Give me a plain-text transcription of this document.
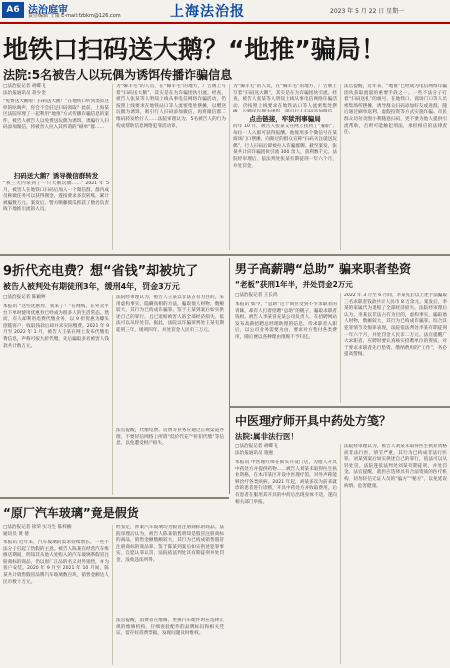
A6 法治庭审
责任编辑 王康 E-mail:fzbkm@126.com	上海法治报	2023 年 5 月 22 日 星期一
地铁口扫码送大鹅？“地推”骗局！
法院:5名被告人以玩偶为诱饵传播诈骗信息
□法治报记者 胡蝶飞
法治报通讯员 蒋少金
“免费送大鹅啦！扫码送大鹅！”在地铁口听到类似这样的吆喝声，你会不会驻足扫码领取？此前，上海某区法院审理了一起利用“地推”方式传播诈骗信息的案件，被告人被告人以免费送玩偶为诱饵，诱骗行人扫码添加微信，将被害人拉入其所谓的“刷单”群……
扫码送大鹅？诱导微信群转发
“我三天内拿到了一只大鹅玩偶……” 2021 年 5 月，被害人在地铁口扫码后加入一个微信群，群内成员称做任务可以获得佣金，遂按要求多次转账，累计被骗数万元。案发后，警方顺藤摸瓜抓获了数名负责线下地推引流的人员。
为“薅羊毛”的人员，在“薅羊毛”的地方，广告牌上写着“扫码送大鹅”，其实是在为诈骗团伙引流。经查，被告人张某等人明知上线从事电信网络诈骗活动，仍按照上线要求在地铁站口等人流密集处摆摊，以赠送玩偶为诱饵，吸引行人扫码添加微信，再将微信群二维码转发给行人……法院审理认为，5名被告人的行为构成帮助信息网络犯罪活动罪。
为“薅羊毛”的人员，在“薅羊毛”的地方，广告牌上写着“扫码送大鹅”，其实是在为诈骗团伙引流。经查，被告人张某等人明知上线从事电信网络诈骗活动，仍按照上线要求在地铁站口等人流密集处摆
点击链接，牢狱刑事骗局
同年 10 月，被告人张某又在网上找到了“兼职”，每拉一人入群可获得报酬。他使用多个微信号在某商场门口摆摊，向路过的群众宣称“扫码关注就送玩偶”，行人扫码后即被拉入诈骗群聊。截至案发，张某共计向诈骗团伙引流 300 余人，获利数千元。法院经审理后，依法判处张某有期徒刑一年六个月，并处罚金。
法官提醒，近年来，“地推”已经成为电信网络诈骗团伙获取流量的重要手段之一。一些不法分子打着“扫码送礼”的旗号，在地铁口、商场门口等人员密集场所摆摊，诱导群众扫码添加好友或进群，随后通过刷单返利、虚假投资等方式实施诈骗。市民群众切勿贪图小利随意扫码，更不要为他人提供引流帮助，否则可能触犯刑法，承担相应的法律责任。
9折代充电费？想“省钱”却被坑了
被告人被判处有期徒刑3年，缓刑4年，罚金3万元
□法治报记者 陈颖婷
本报讯 “这些优惠券，我来了！”在网购、在外卖平台下单时使用优惠券已经成为很多人的生活常态。然而，有人却利用电费代缴业务，以 9 折优惠为噱头招揽客户，收取钱款后却并未实际缴费。2021 年 9 月至 2022 年 1 月，被告人王某在网上发布代缴电费信息，声称可按九折代缴，先后骗取多名被害人钱款共计数万元。
法院经审理认为，被告人王某以非法占有为目的，采用虚构事实、隐瞒真相的方法，骗取他人财物，数额较大，其行为已构成诈骗罪。鉴于王某到案后如实供述自己的罪行，且已退赔被害人的全部经济损失，依法可以从轻处罚。据此，法院以诈骗罪判处王某有期徒刑三年，缓刑四年，并处罚金人民币三万元。
法官提醒，代缴电费、话费等业务应通过正规渠道办理，不要轻信网络上所谓“低价代充”“折扣代缴”等信息，以免遭受财产损失。
男子高薪聘“总助” 骗来职者垫资
“老板”获刑1年半，并处罚金2万元
□法治报记者 王长鸿
本报讯 如今，“总助”这个岗位受到不少求职者的青睐，却有人打着招聘“总助”的幌子，骗取求职者钱财。被告人李某冒充某公司负责人，在招聘网站发布高薪招聘总经理助理的信息，待求职者入职后，以公司业务需要为由，要求对方垫付各类费用，随后便以各种理由推脱不予归还。
2022 年 3 月至 6 月间，李某先后以上述手法骗取三名求职者钱款共计人民币 8 万余元。案发后，李某的家属代为退赔了全部经济损失。法院经审理后认为，李某以非法占有为目的，虚构事实，骗取他人财物，数额较大，其行为已构成诈骗罪。综合其犯罪情节及悔罪表现，法院依法判处李某有期徒刑一年六个月，并处罚金人民币二万元。法官提醒广大求职者，应聘时要认真核实招聘单位的资质，对于要求求职者先行垫资、缴纳费用的“工作”，务必提高警惕。
中医理疗师开具中药处方笺？
法院:属非法行医！
□法治报记者 胡蝶飞
法治报通讯员 施惠
本报讯 中医理疗师在街头开设门店，为他人开具中药处方并提供药物……被告人刘某未取得医生执业资格，在本市某区开设中医理疗馆，对外声称能够治疗各类疾病。2021 年起，刘某多次为前来就诊的患者进行诊断，开具中药处方并收取费用。后有患者在服用其开具的中药后出现身体不适，遂向相关部门举报。
法院经审理认为，被告人刘某未取得医生执业资格而非法行医，情节严重，其行为已构成非法行医罪。刘某到案后如实供述自己的罪行，依法可以从轻处罚。法院遂依法判处刘某有期徒刑，并处罚金。法官提醒，就医应选择具有合法资质的医疗机构，切勿轻信无证人员的“偏方”“秘方”，以免延误病情、危害健康。
“原厂汽车玻璃”竟是假货
□法治报记者 徐荣 实习生 陈梓楠
通讯员 黄 倩
本报讯 近年来，汽车玻璃的需求持续增长，一些不法分子打起了售假的主意。被告人陈某在经营汽车维修店期间，明知其从他人处购入的汽车玻璃系假冒注册商标的商品，仍以原厂正品的名义对外销售，并为客户安装。2020 年 9 月至 2021 年 10 月间，陈某共计销售假冒品牌汽车玻璃数百块，销售金额达人民币数十万元。
经鉴定，涉案汽车玻璃均为假冒注册商标的商品。法院审理后认为，被告人陈某销售明知是假冒注册商标的商品，销售金额数额较大，其行为已构成销售假冒注册商标的商品罪。鉴于陈某到案后如实供述犯罪事实，自愿认罪认罚，法院依法判处其有期徒刑并处罚金，没收违法所得。
法官提醒，消费者在维修、更换汽车配件时应选择正规的维修机构，仔细查验配件的品牌标识和相关凭证，留存好消费票据，发现问题及时维权。
